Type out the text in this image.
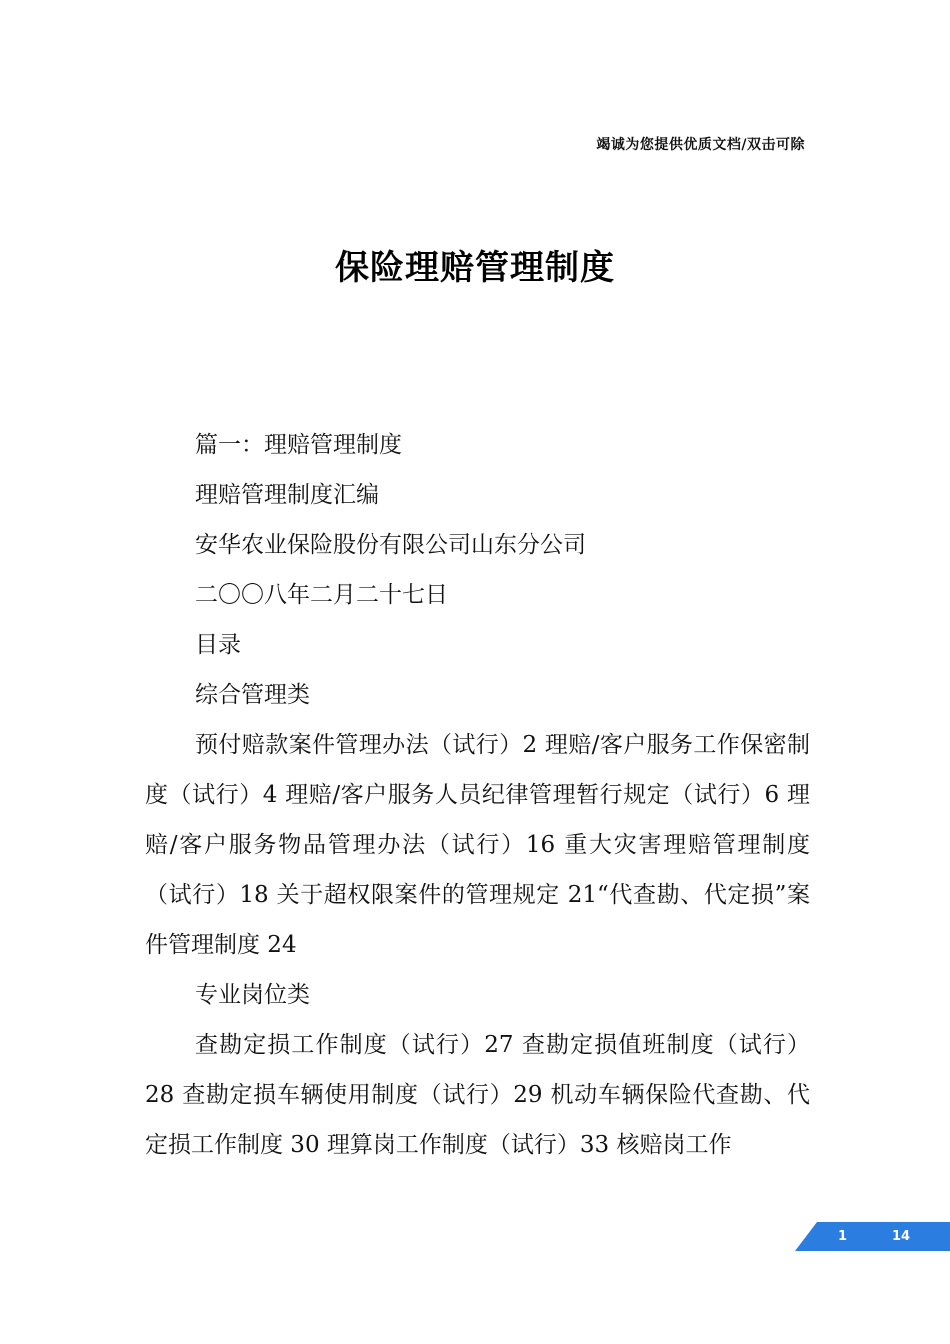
竭诚为您提供优质文档/双击可除
保险理赔管理制度

篇一：理赔管理制度

理赔管理制度汇编

安华农业保险股份有限公司山东分公司

二〇〇八年二月二十七日

目录

综合管理类

预付赔款案件管理办法（试行）2 理赔/客户服务工作保密制度（试行）4 理赔/客户服务人员纪律管理暂行规定（试行）6 理赔/客户服务物品管理办法（试行）16 重大灾害理赔管理制度（试行）18 关于超权限案件的管理规定 21“代查勘、代定损”案件管理制度 24

专业岗位类

查勘定损工作制度（试行）27 查勘定损值班制度（试行）28 查勘定损车辆使用制度（试行）29 机动车辆保险代查勘、代定损工作制度 30 理算岗工作制度（试行）33 核赔岗工作

1	14
